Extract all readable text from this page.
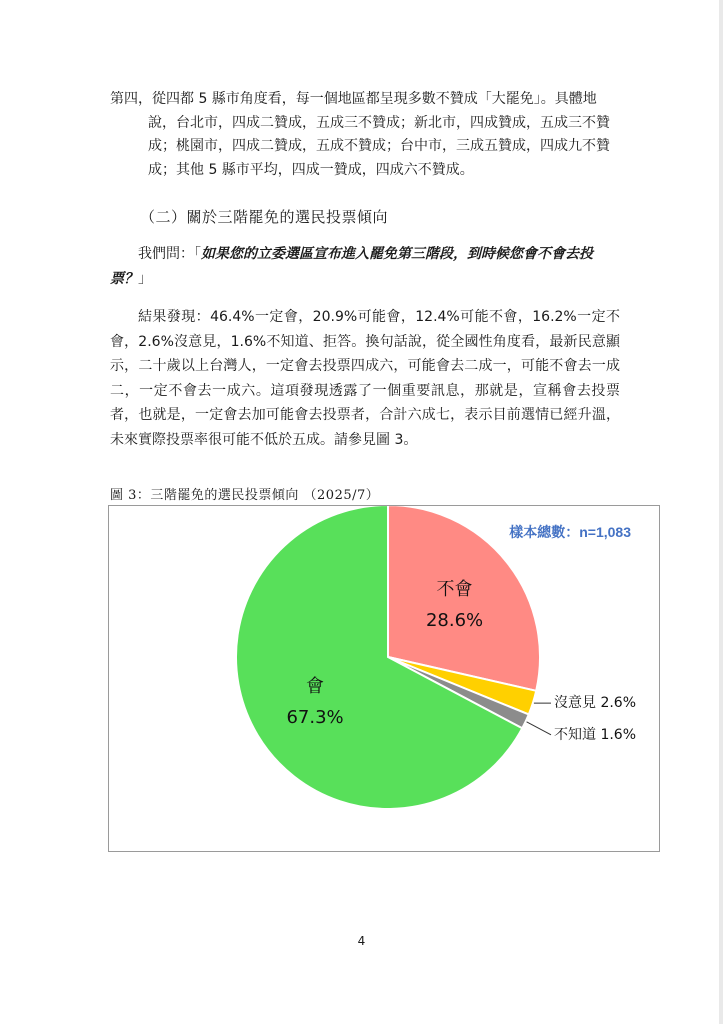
第四，從四都 5 縣市角度看，每一個地區都呈現多數不贊成「大罷免」。具體地
說，台北市，四成二贊成，五成三不贊成；新北市，四成贊成，五成三不贊成；桃園市，四成二贊成，五成不贊成；台中市，三成五贊成，四成九不贊成；其他 5 縣市平均，四成一贊成，四成六不贊成。
（二）關於三階罷免的選民投票傾向
我們問：「如果您的立委選區宣布進入罷免第三階段，到時候您會不會去投票？」
結果發現：46.4%一定會，20.9%可能會，12.4%可能不會，16.2%一定不會，2.6%沒意見，1.6%不知道、拒答。換句話說，從全國性角度看，最新民意顯示，二十歲以上台灣人，一定會去投票四成六，可能會去二成一，可能不會去一成二，一定不會去一成六。這項發現透露了一個重要訊息，那就是，宣稱會去投票者，也就是，一定會去加可能會去投票者，合計六成七，表示目前選情已經升溫，未來實際投票率很可能不低於五成。請參見圖 3。
圖 3：三階罷免的選民投票傾向 （2025/7）
樣本總數：n=1,083
不會
28.6%
沒意見 2.6%
不知道 1.6%
會
67.3%
4
